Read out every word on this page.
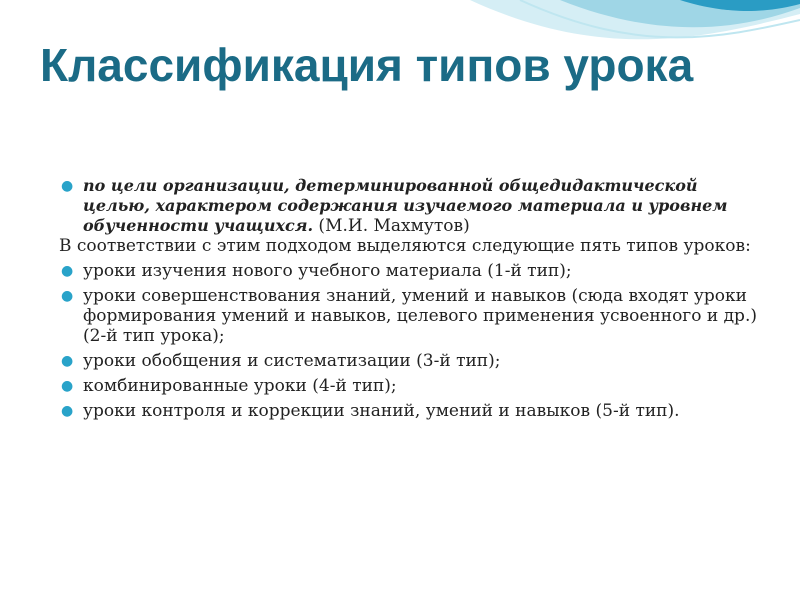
Классификация типов урока
● по цели организации, детерминированной общедидактической целью, характером содержания изучаемого материала и уровнем обученности учащихся. (М.И. Махмутов)

В соответствии с этим подходом выделяются следующие пять типов уроков:

● уроки изучения нового учебного материала (1-й тип);
● уроки совершенствования знаний, умений и навыков (сюда входят уроки формирования умений и навыков, целевого применения усвоенного и др.) (2-й тип урока);
● уроки обобщения и систематизации (3-й тип);
● комбинированные уроки (4-й тип);
● уроки контроля и коррекции знаний, умений и навыков (5-й тип).
